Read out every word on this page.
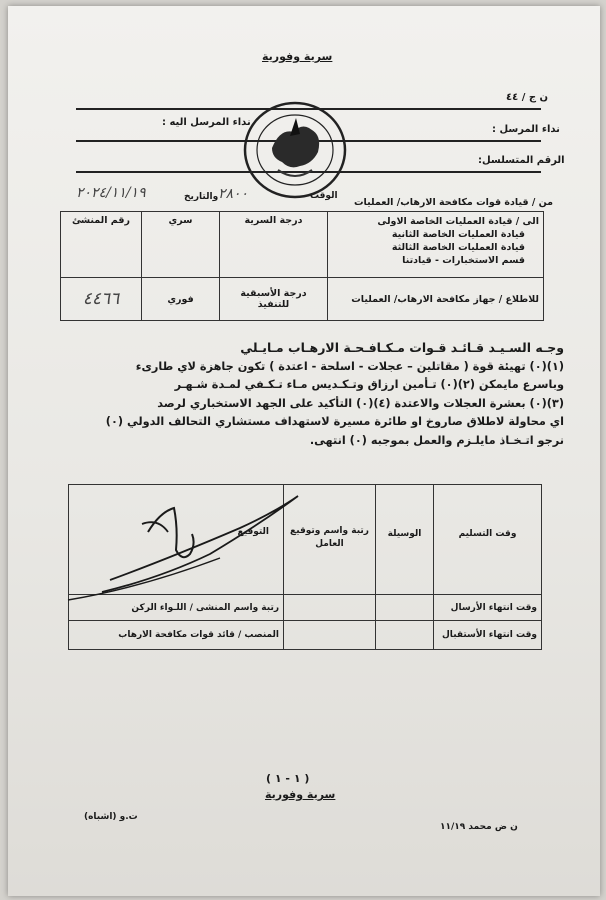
سرية وفورية
ن ج / ٤٤
نداء المرسل :
نداء المرسل اليه :
الرقم المتسلسل:
من / قيادة قوات مكافحة الارهاب/ العمليات
الوقت
٢٨٠٠
والتاريخ
٢٠٢٤/١١/١٩
الى / قيادة العمليات الخاصة الاولى
قيادة العمليات الخاصة الثانية
قيادة العمليات الخاصة الثالثة
قسم الاستخبارات - قيادتنا	درجة السرية	سري	رقم المنشئ

للاطلاع / جهاز مكافحة الارهاب/ العمليات	درجة الأسبقية للتنفيذ	فوري	٤٤٦٦

وجـه السـيـد قـائـد قـوات مـكـافـحـة الارهـاب مـايـلي

(١)(٠) تهيئة قوة ( مقاتلين – عجلات - اسلحة - اعتدة ) تكون جاهزة لاي طارىء

وباسرع مايمكن (٢)(٠) تـأمين ارزاق وتـكـديس مـاء تـكـفي لمـدة شـهـر

(٣)(٠) بعشرة العجلات والاعتدة (٤)(٠) التأكيد على الجهد الاستخباري لرصد

اي محاولة لاطلاق صاروخ او طائرة مسيرة لاستهداف مستشاري التحالف الدولي (٠)

نرجو اتـخـاذ مايلـزم والعمل بموجبه (٠) انتهى.

وقت التسليم	الوسيلة	رتبة واسم وتوقيع العامل	التوقيع

وقت انتهاء الأرسال			رتبة واسم المنشى / اللـواء الركن

وقت انتهاء الأستقبال			المنصب / قائد قوات مكافحة الارهاب
( ١ - ١ )
سرية وفورية
ت.و (اشباه)
ن ض محمد ١١/١٩
